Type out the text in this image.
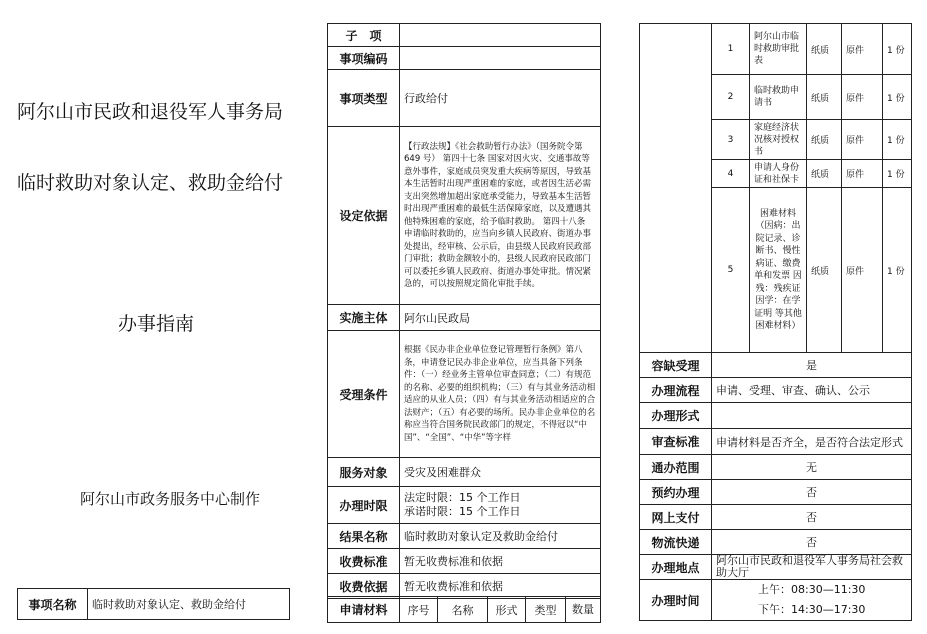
阿尔山市民政和退役军人事务局
临时救助对象认定、救助金给付
办事指南
阿尔山市政务服务中心制作
事项名称	临时救助对象认定、救助金给付
子　项	
事项编码	
事项类型	行政给付
设定依据	【行政法规】《社会救助暂行办法》（国务院令第 649 号） 第四十七条 国家对因火灾、交通事故等意外事件，家庭成员突发重大疾病等原因，导致基本生活暂时出现严重困难的家庭，或者因生活必需支出突然增加超出家庭承受能力，导致基本生活暂时出现严重困难的最低生活保障家庭，以及遭遇其他特殊困难的家庭，给予临时救助。 第四十八条 申请临时救助的，应当向乡镇人民政府、街道办事处提出，经审核、公示后，由县级人民政府民政部门审批；救助金额较小的，县级人民政府民政部门可以委托乡镇人民政府、街道办事处审批。情况紧急的，可以按照规定简化审批手续。
实施主体	阿尔山民政局
受理条件	根据《民办非企业单位登记管理暂行条例》第八条，申请登记民办非企业单位，应当具备下列条件：（一）经业务主管单位审查同意；（二）有规范的名称、必要的组织机构；（三）有与其业务活动相适应的从业人员；（四）有与其业务活动相适应的合法财产；（五）有必要的场所。民办非企业单位的名称应当符合国务院民政部门的规定，不得冠以“中国”、“全国”、“中华”等字样
服务对象	受灾及困难群众
办理时限	法定时限：15 个工作日
承诺时限：15 个工作日

结果名称	临时救助对象认定及救助金给付
收费标准	暂无收费标准和依据
收费依据	暂无收费标准和依据
申请材料	序号	名称	形式	类型	数量
	1	阿尔山市临时救助审批表	纸质	原件	1 份
	2	临时救助申请书	纸质	原件	1 份
	3	家庭经济状况核对授权书	纸质	原件	1 份
	4	申请人身份证和社保卡	纸质	原件	1 份
	5	困难材料（因病：出院记录、诊断书、慢性病证、缴费单和发票 因残：残疾证 因学：在学证明 等其他困难材料）	纸质	原件	1 份
容缺受理	是
办理流程	申请、受理、审查、确认、公示
办理形式	
审查标准	申请材料是否齐全，是否符合法定形式
通办范围	无
预约办理	否
网上支付	否
物流快递	否
办理地点	阿尔山市民政和退役军人事务局社会救助大厅
办理时间	上午：08:30—11:30
下午：14:30—17:30
